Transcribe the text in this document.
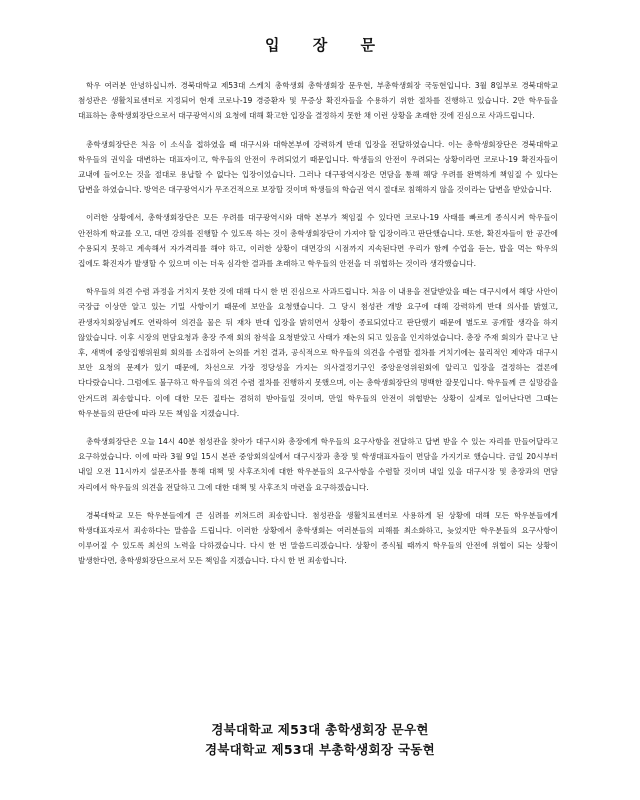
입 장 문

학우 여러분 안녕하십니까. 경북대학교 제53대 스케치 총학생회 총학생회장 문우현, 부총학생회장 국동현입니다. 3월 8일부로 경북대학교 첨성관은 생활치료센터로 지정되어 현재 코로나-19 경증환자 및 무증상 확진자들을 수용하기 위한 절차를 진행하고 있습니다. 2만 학우들을 대표하는 총학생회장단으로서 대구광역시의 요청에 대해 확고한 입장을 결정하지 못한 채 이런 상황을 초래한 것에 진심으로 사과드립니다.

총학생회장단은 처음 이 소식을 접하였을 때 대구시와 대학본부에 강력하게 반대 입장을 전달하였습니다. 이는 총학생회장단은 경북대학교 학우들의 권익을 대변하는 대표자이고, 학우들의 안전이 우려되었기 때문입니다. 학생들의 안전이 우려되는 상황이라면 코로나-19 확진자들이 교내에 들어오는 것을 절대로 용납할 수 없다는 입장이었습니다. 그러나 대구광역시장은 면담을 통해 해당 우려를 완벽하게 책임질 수 있다는 답변을 하였습니다. 방역은 대구광역시가 무조건적으로 보장할 것이며 학생들의 학습권 역시 절대로 침해하지 않을 것이라는 답변을 받았습니다.

이러한 상황에서, 총학생회장단은 모든 우려를 대구광역시와 대학 본부가 책임질 수 있다면 코로나-19 사태를 빠르게 종식시켜 학우들이 안전하게 학교를 오고, 대면 강의를 진행할 수 있도록 하는 것이 총학생회장단이 가져야 할 입장이라고 판단했습니다. 또한, 확진자들이 한 공간에 수용되지 못하고 계속해서 자가격리를 해야 하고, 이러한 상황이 대면강의 시점까지 지속된다면 우리가 함께 수업을 듣는, 밥을 먹는 학우의 집에도 확진자가 발생할 수 있으며 이는 더욱 심각한 결과를 초래하고 학우들의 안전을 더 위협하는 것이라 생각했습니다.

학우들의 의견 수렴 과정을 거치지 못한 것에 대해 다시 한 번 진심으로 사과드립니다. 처음 이 내용을 전달받았을 때는 대구시에서 해당 사안이 국장급 이상만 알고 있는 기밀 사항이기 때문에 보안을 요청했습니다. 그 당시 첨성관 개방 요구에 대해 강력하게 반대 의사를 밝혔고, 관생자치회장님께도 연락하여 의견을 물은 뒤 재차 반대 입장을 밝히면서 상황이 종료되었다고 판단했기 때문에 별도로 공개할 생각을 하지 않았습니다. 이후 시장의 면담요청과 총장 주재 회의 참석을 요청받았고 사태가 재논의 되고 있음을 인지하였습니다. 총장 주재 회의가 끝나고 난 후, 새벽에 중앙집행위원회 회의를 소집하여 논의를 거친 결과, 공식적으로 학우들의 의견을 수렴할 절차를 거치기에는 물리적인 제약과 대구시 보안 요청의 문제가 있기 때문에, 차선으로 가장 정당성을 가지는 의사결정기구인 중앙운영위원회에 알리고 입장을 결정하는 결론에 다다랐습니다. 그럼에도 불구하고 학우들의 의견 수렴 절차를 진행하지 못했으며, 이는 총학생회장단의 명백한 잘못입니다. 학우들께 큰 실망감을 안겨드려 죄송합니다. 이에 대한 모든 질타는 겸허히 받아들일 것이며, 만일 학우들의 안전이 위협받는 상황이 실제로 일어난다면 그때는 학우분들의 판단에 따라 모든 책임을 지겠습니다.

총학생회장단은 오늘 14시 40분 첨성관을 찾아가 대구시와 총장에게 학우들의 요구사항을 전달하고 답변 받을 수 있는 자리를 만들어달라고 요구하였습니다. 이에 따라 3월 9일 15시 본관 중앙회의실에서 대구시장과 총장 및 학생대표자들이 면담을 가지기로 했습니다. 금일 20시부터 내일 오전 11시까지 설문조사를 통해 대책 및 사후조치에 대한 학우분들의 요구사항을 수렴할 것이며 내일 있을 대구시장 및 총장과의 면담 자리에서 학우들의 의견을 전달하고 그에 대한 대책 및 사후조치 마련을 요구하겠습니다.

경북대학교 모든 학우분들에게 큰 심려를 끼쳐드려 죄송합니다. 첨성관을 생활치료센터로 사용하게 된 상황에 대해 모든 학우분들에게 학생대표자로서 죄송하다는 말씀을 드립니다. 이러한 상황에서 총학생회는 여러분들의 피해를 최소화하고, 늦었지만 학우분들의 요구사항이 이루어질 수 있도록 최선의 노력을 다하겠습니다. 다시 한 번 말씀드리겠습니다. 상황이 종식될 때까지 학우들의 안전에 위협이 되는 상황이 발생한다면, 총학생회장단으로서 모든 책임을 지겠습니다. 다시 한 번 죄송합니다.

경북대학교 제53대 총학생회장 문우현

경북대학교 제53대 부총학생회장 국동현
